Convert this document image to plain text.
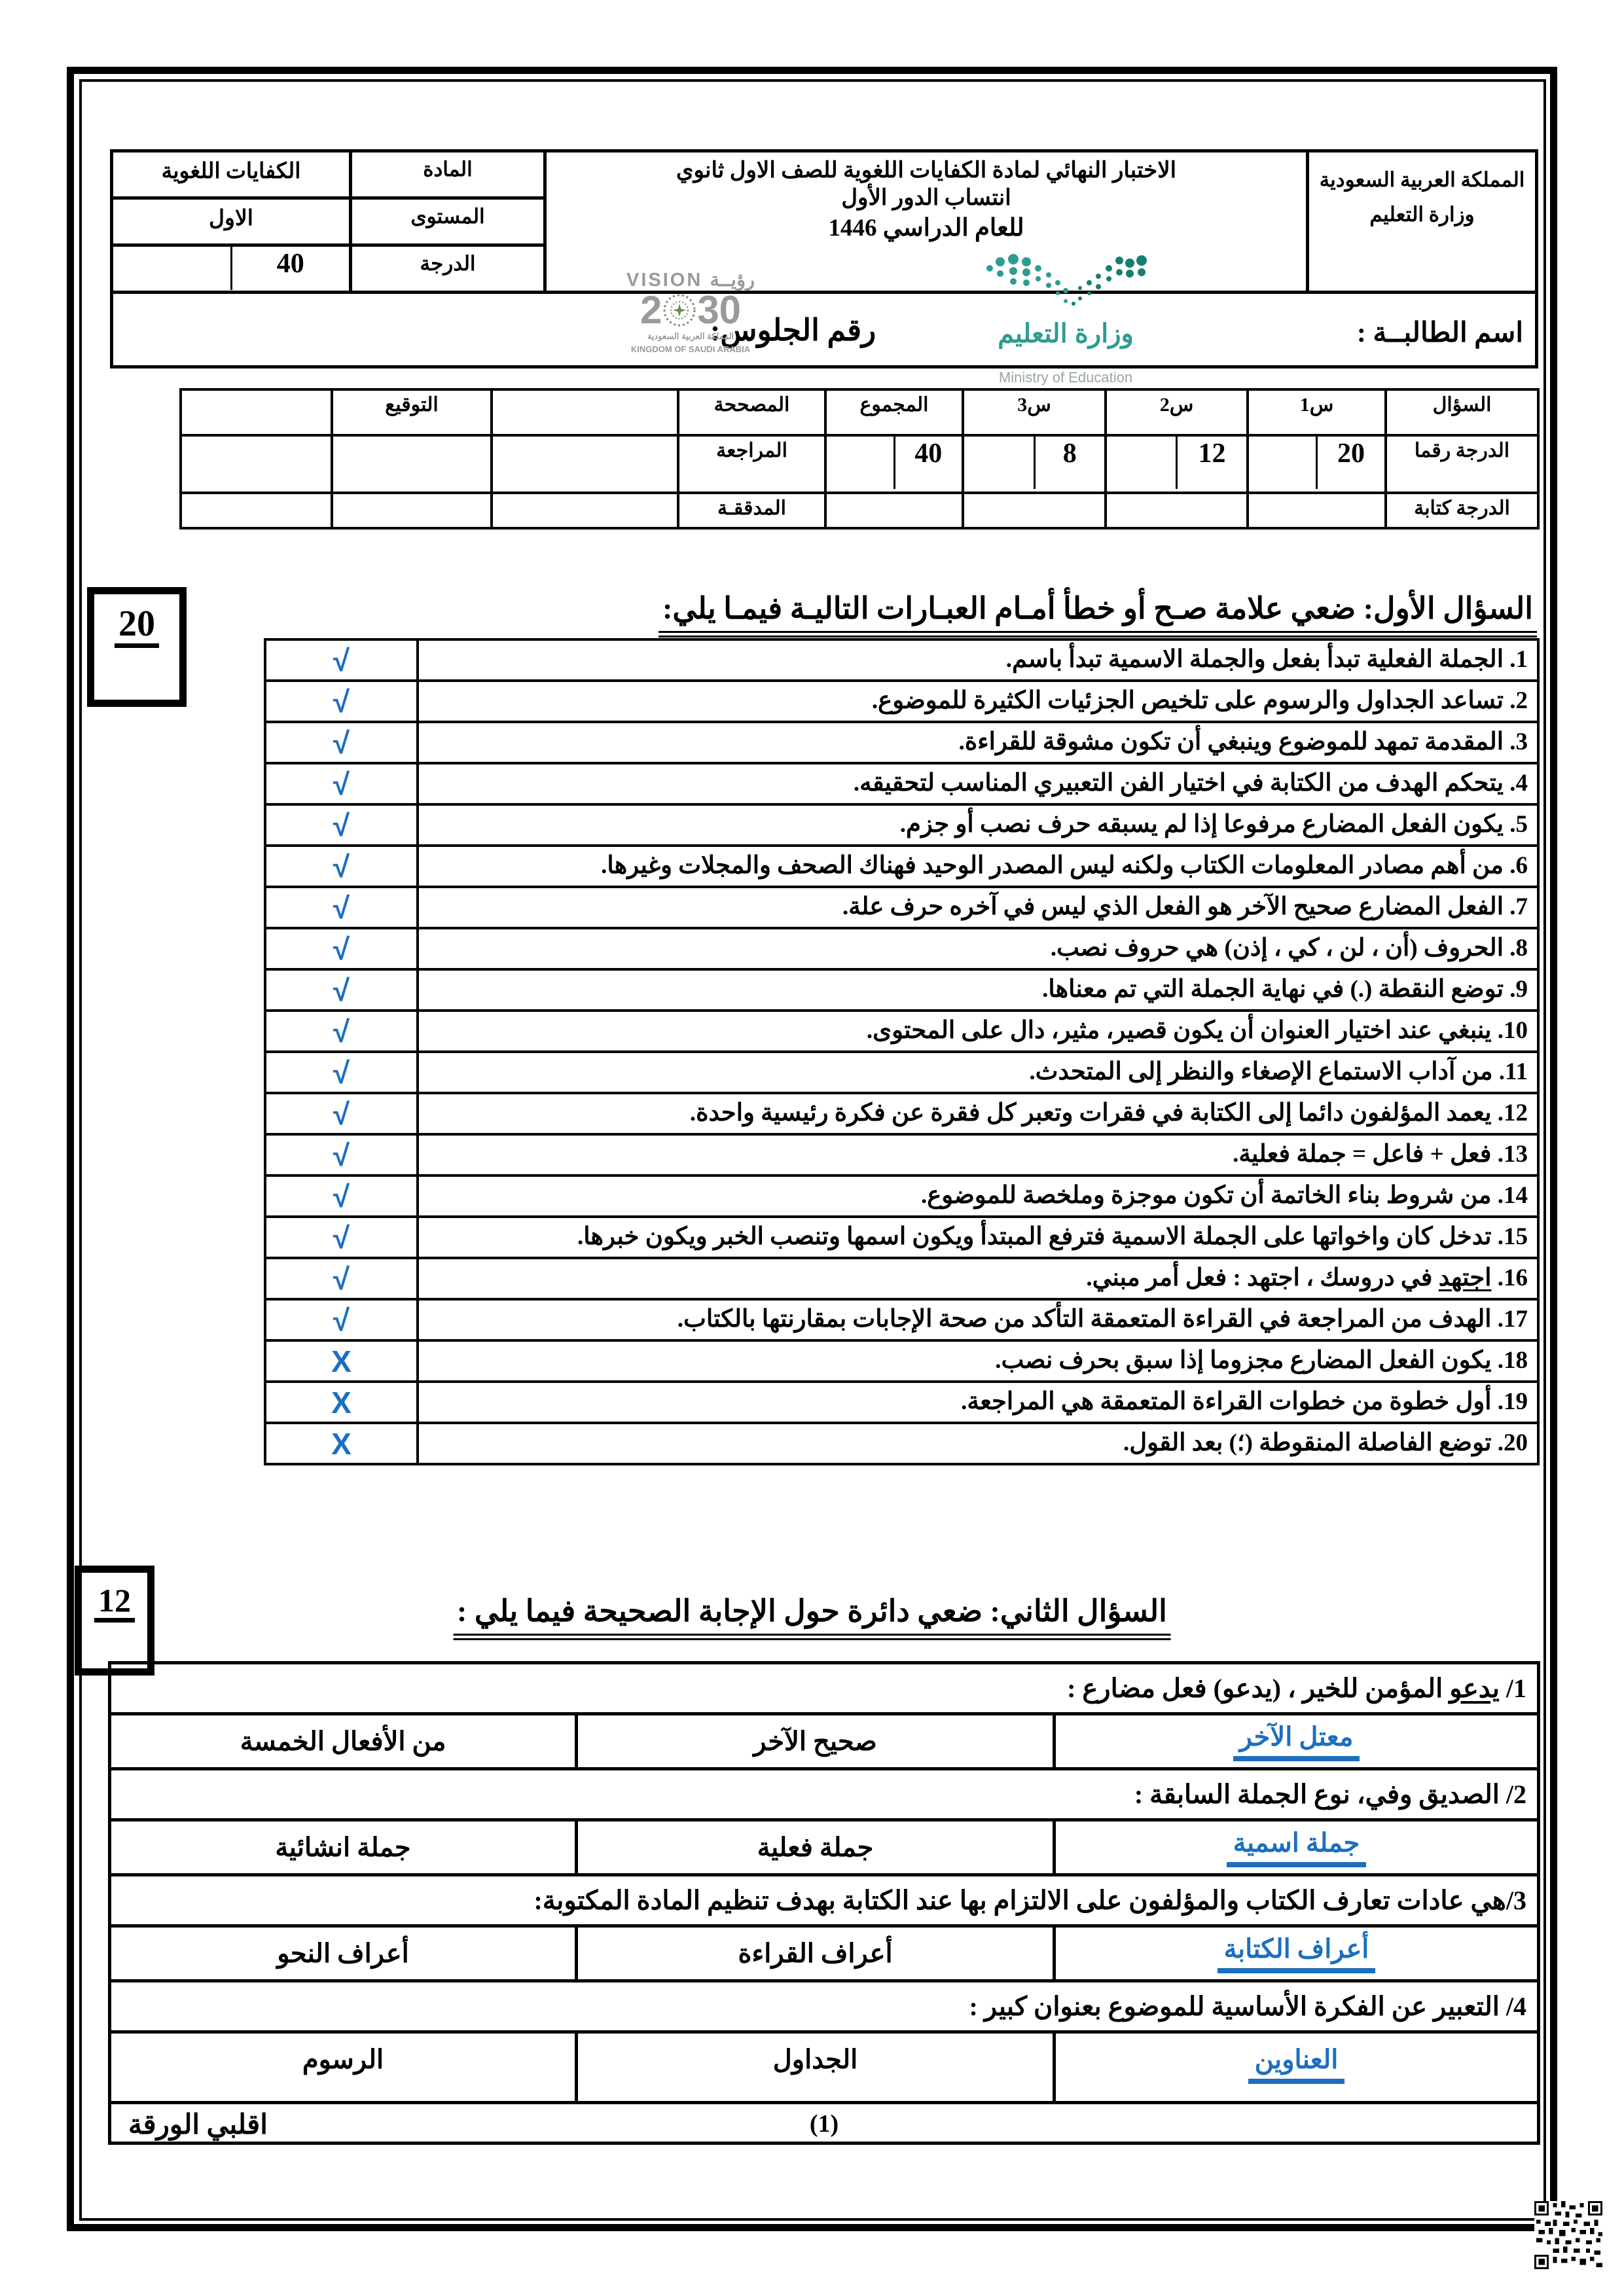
المملكة العربية السعودية
وزارة التعليم

الاختبار النهائي لمادة الكفايات اللغوية للصف الاول ثانوي
انتساب الدور الأول
للعام الدراسي 1446
	المادة	الكفايات اللغوية
		المستوى	الاول
		الدرجة	40

اسم الطالبــة :
رقم الجلوس:			
VISION رؤيــة
2 30
المملكة العربية السعودية
KINGDOM OF SAUDI ARABIA
وزارة التعليم
Ministry of Education
السؤال	س1	س2	س3	المجموع	المصححة		التوقيع	
الدرجة رقما	20	12	8	40	المراجعة			
الدرجة كتابة					المدققـة			
20	السؤال الأول: ضعي علامة صـح أو خطأ أمـام العبـارات التاليـة فيمـا يلي:
1. الجملة الفعلية تبدأ بفعل والجملة الاسمية تبدأ باسم.	√
2. تساعد الجداول والرسوم على تلخيص الجزئيات الكثيرة للموضوع.	√
3. المقدمة تمهد للموضوع وينبغي أن تكون مشوقة للقراءة.	√
4. يتحكم الهدف من الكتابة في اختيار الفن التعبيري المناسب لتحقيقه.	√
5. يكون الفعل المضارع مرفوعا إذا لم يسبقه حرف نصب أو جزم.	√
6. من أهم مصادر المعلومات الكتاب ولكنه ليس المصدر الوحيد فهناك الصحف والمجلات وغيرها.	√
7. الفعل المضارع صحيح الآخر هو الفعل الذي ليس في آخره حرف علة.	√
8. الحروف (أن ، لن ، كي ، إذن) هي حروف نصب.	√
9. توضع النقطة (.) في نهاية الجملة التي تم معناها.	√
10. ينبغي عند اختيار العنوان أن يكون قصير، مثير، دال على المحتوى.	√
11. من آداب الاستماع الإصغاء والنظر إلى المتحدث.	√
12. يعمد المؤلفون دائما إلى الكتابة في فقرات وتعبر كل فقرة عن فكرة رئيسية واحدة.	√
13. فعل + فاعل = جملة فعلية.	√
14. من شروط بناء الخاتمة أن تكون موجزة وملخصة للموضوع.	√
15. تدخل كان واخواتها على الجملة الاسمية فترفع المبتدأ ويكون اسمها وتنصب الخبر ويكون خبرها.	√
16. اجتهد في دروسك ، اجتهد : فعل أمر مبني.	√
17. الهدف من المراجعة في القراءة المتعمقة التأكد من صحة الإجابات بمقارنتها بالكتاب.	√
18. يكون الفعل المضارع مجزوما إذا سبق بحرف نصب.	X
19. أول خطوة من خطوات القراءة المتعمقة هي المراجعة.	X
20. توضع الفاصلة المنقوطة (؛) بعد القول.	X
12	السؤال الثاني: ضعي دائرة حول الإجابة الصحيحة فيما يلي :
1/ يدعو المؤمن للخير ، (يدعو) فعل مضارع :		
معتل الآخر	صحيح الآخر	من الأفعال الخمسة
2/ الصديق وفي، نوع الجملة السابقة :		
جملة اسمية	جملة فعلية	جملة انشائية
3/هي عادات تعارف الكتاب والمؤلفون على الالتزام بها عند الكتابة بهدف تنظيم المادة المكتوبة:		
أعراف الكتابة	أعراف القراءة	أعراف النحو
4/ التعبير عن الفكرة الأساسية للموضوع بعنوان كبير :		
العناوين	الجداول	الرسوم
(1)
اقلبي الورقة		
